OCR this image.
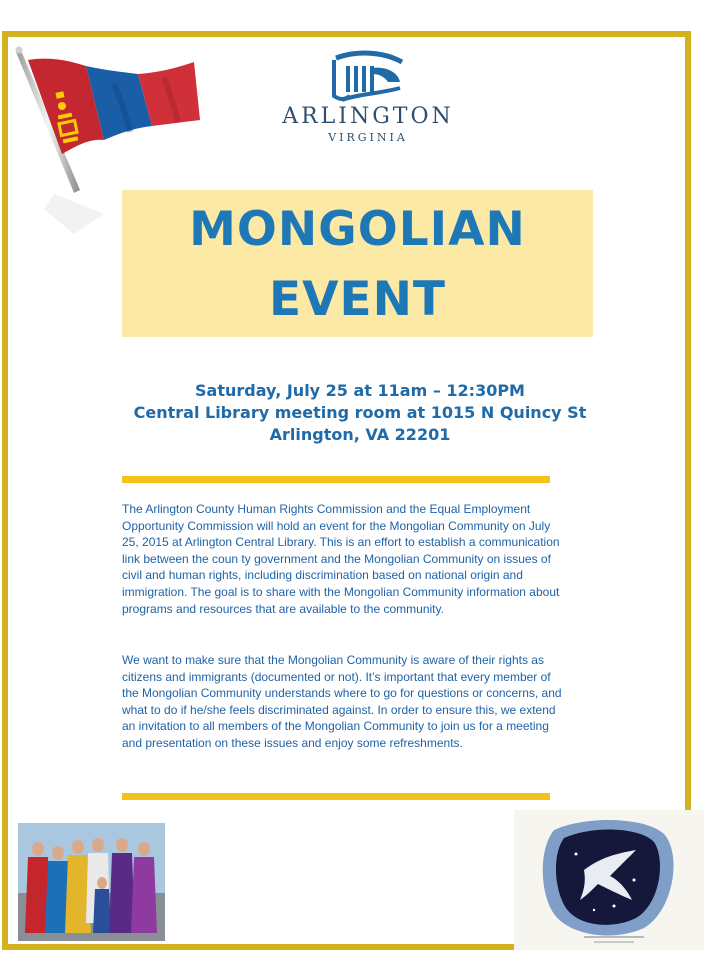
ARLINGTON
VIRGINIA
MONGOLIAN
EVENT
Saturday, July 25 at 11am – 12:30PM
Central Library meeting room at 1015 N Quincy St
Arlington, VA 22201

The Arlington County Human Rights Commission and the Equal Employment Opportunity Commission will hold an event for the Mongolian Community on July 25, 2015 at Arlington Central Library. This is an effort to establish a communication link between the coun ty government and the Mongolian Community on issues of civil and human rights, including discrimination based on national origin and immigration. The goal is to share with the Mongolian Community information about programs and resources that are available to the community.

We want to make sure that the Mongolian Community is aware of their rights as citizens and immigrants (documented or not). It’s important that every member of the Mongolian Community understands where to go for questions or concerns, and what to do if he/she feels discriminated against. In order to ensure this, we extend an invitation to all members of the Mongolian Community to join us for a meeting and presentation on these issues and enjoy some refreshments.
